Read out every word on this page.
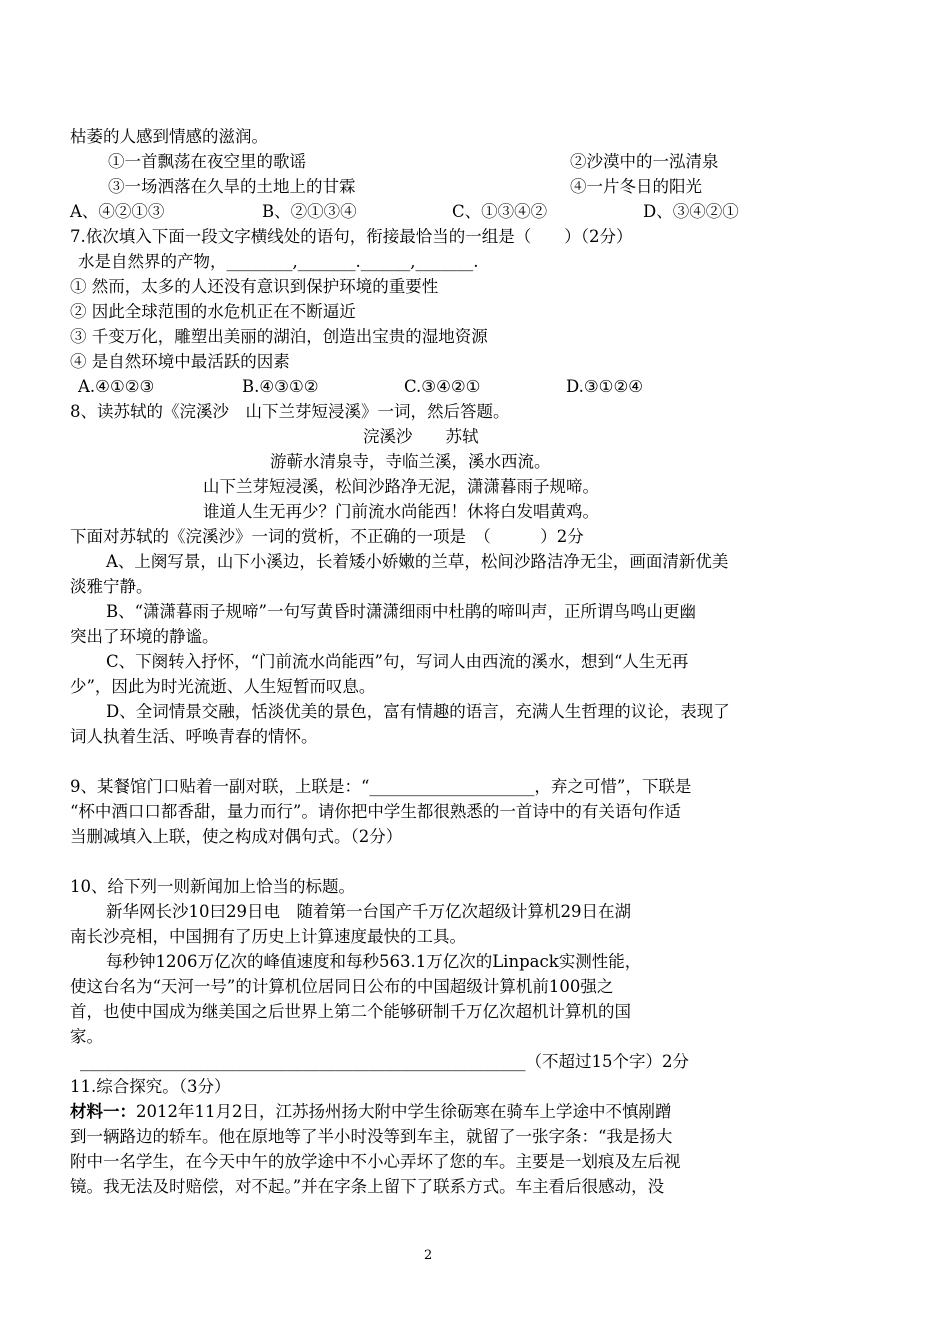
枯萎的人感到情感的滋润。
①一首飘荡在夜空里的歌谣	②沙漠中的一泓清泉
③一场洒落在久旱的土地上的甘霖	④一片冬日的阳光
A、④②①③	B、②①③④	C、①③④②	D、③④②①
7.依次填入下面一段文字横线处的语句，衔接最恰当的一组是（　　）（2分）
水是自然界的产物，________,_______.______,_______.
① 然而，太多的人还没有意识到保护环境的重要性
② 因此全球范围的水危机正在不断逼近
③ 千变万化，雕塑出美丽的湖泊，创造出宝贵的湿地资源
④ 是自然环境中最活跃的因素
A.④①②③	B.④③①②	C.③④②①	D.③①②④
8、读苏轼的《浣溪沙　山下兰芽短浸溪》一词，然后答题。
浣溪沙　　苏轼
游蕲水清泉寺，寺临兰溪，溪水西流。
山下兰芽短浸溪，松间沙路净无泥，潇潇暮雨子规啼。
谁道人生无再少？门前流水尚能西！休将白发唱黄鸡。
下面对苏轼的《浣溪沙》一词的赏析，不正确的一项是　（　　　）2分
A、上阕写景，山下小溪边，长着矮小娇嫩的兰草，松间沙路洁净无尘，画面清新优美
淡雅宁静。
B、“潇潇暮雨子规啼”一句写黄昏时潇潇细雨中杜鹃的啼叫声，正所谓鸟鸣山更幽
突出了环境的静谧。
C、下阕转入抒怀，“门前流水尚能西”句，写词人由西流的溪水，想到“人生无再
少”，因此为时光流逝、人生短暂而叹息。
D、全词情景交融，恬淡优美的景色，富有情趣的语言，充满人生哲理的议论，表现了
词人执着生活、呼唤青春的情怀。
9、某餐馆门口贴着一副对联，上联是：“____________________，弃之可惜”，下联是
“杯中酒口口都香甜，量力而行”。请你把中学生都很熟悉的一首诗中的有关语句作适
当删减填入上联，使之构成对偶句式。（2分）
10、给下列一则新闻加上恰当的标题。
新华网长沙10曰29日电　随着第一台国产千万亿次超级计算机29日在湖
南长沙亮相，中国拥有了历史上计算速度最快的工具。
每秒钟1206万亿次的峰值速度和每秒563.1万亿次的Linpack实测性能，
使这台名为“天河一号”的计算机位居同日公布的中国超级计算机前100强之
首，也使中国成为继美国之后世界上第二个能够研制千万亿次超机计算机的国
家。
______________________________________________________（不超过15个字）2分
11.综合探究。（3分）
材料一：2012年11月2日，江苏扬州扬大附中学生徐砺寒在骑车上学途中不慎剐蹭
到一辆路边的轿车。他在原地等了半小时没等到车主，就留了一张字条：“我是扬大
附中一名学生，在今天中午的放学途中不小心弄坏了您的车。主要是一划痕及左后视
镜。我无法及时赔偿，对不起。”并在字条上留下了联系方式。车主看后很感动，没
2
